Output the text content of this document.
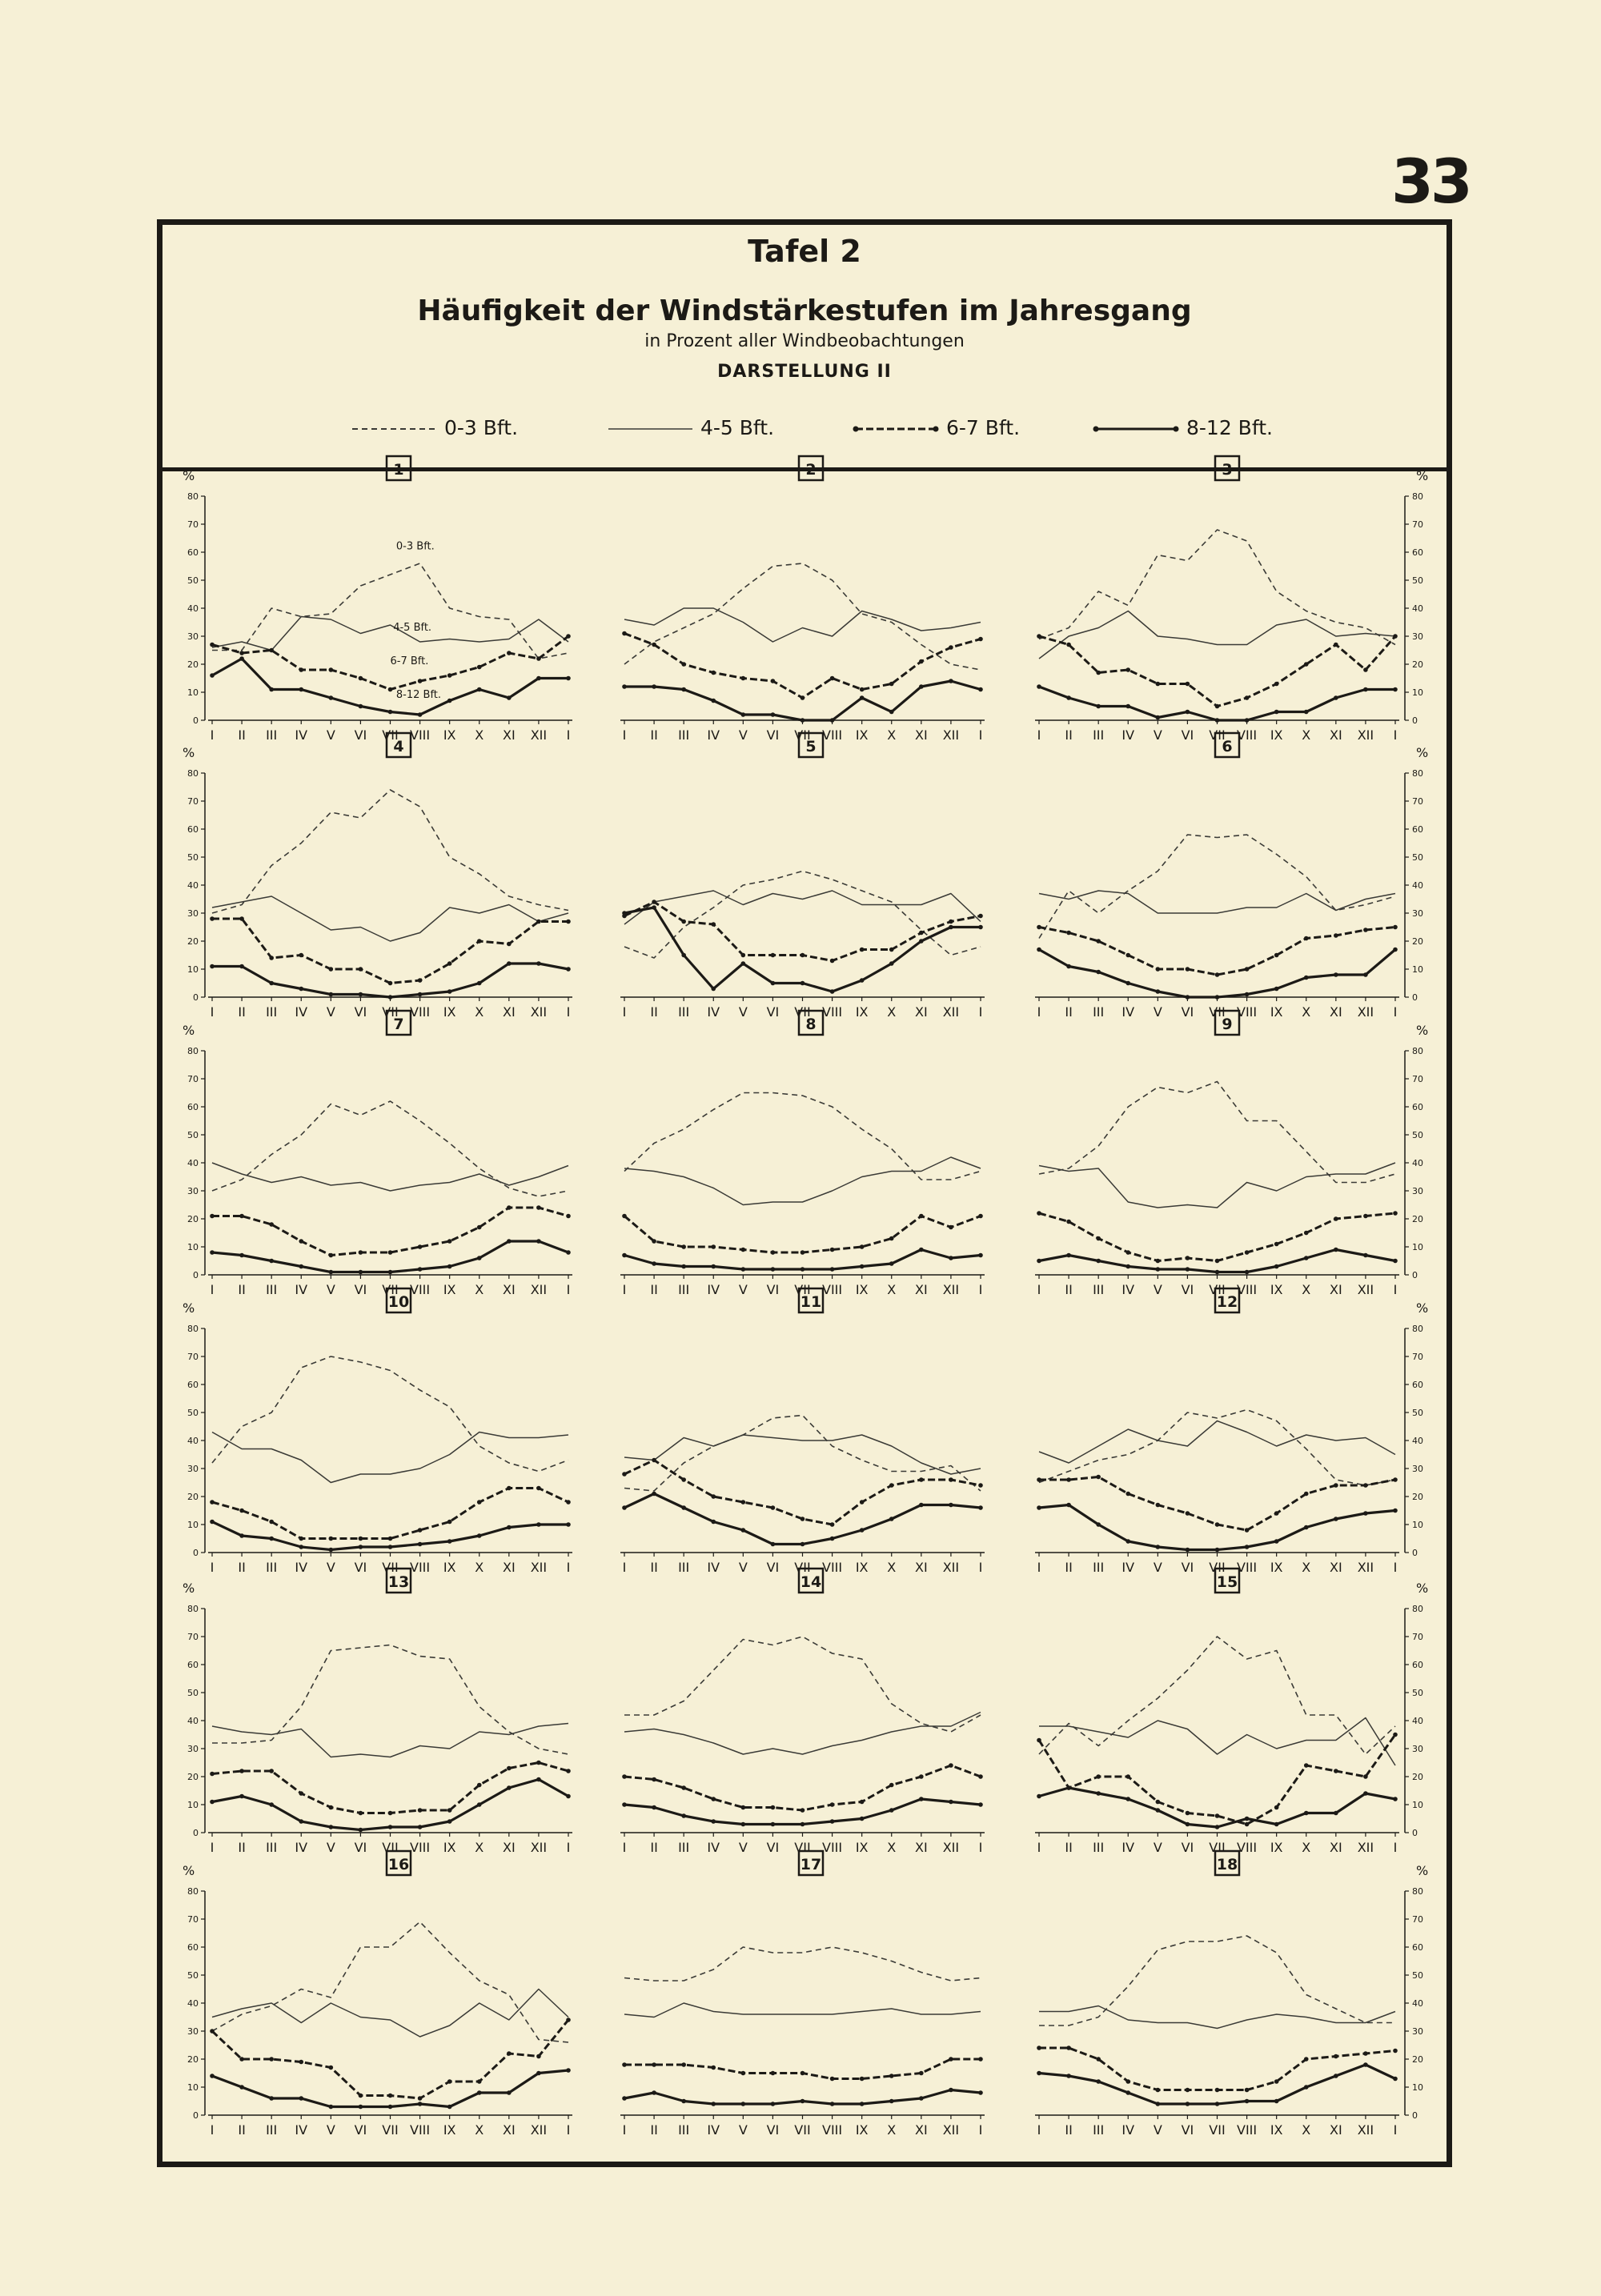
33
Tafel 2
Häufigkeit der Windstärkestufen im Jahresgang
in Prozent aller Windbeobachtungen
DARSTELLUNG II
0-3 Bft.	4-5 Bft.	6-7 Bft.	8-12 Bft.
1
%
0
10
20
30
40
50
60
70
80
I II III IV V VI VII VIII IX X XI XII I
0-3 Bft.
4-5 Bft.
6-7 Bft.
8-12 Bft.
2
I II III IV V VI VII VIII IX X XI XII I
3	%
0
10
20
30
40
50
60
70
80
I II III IV V VI VII VIII IX X XI XII I
4
%
0
10
20
30
40
50
60
70
80
I II III IV V VI VII VIII IX X XI XII I
5
I II III IV V VI VII VIII IX X XI XII I
6	%
0
10
20
30
40
50
60
70
80
I II III IV V VI VII VIII IX X XI XII I
7
%
0
10
20
30
40
50
60
70
80
I II III IV V VI VII VIII IX X XI XII I
8
I II III IV V VI VII VIII IX X XI XII I
9	%
0
10
20
30
40
50
60
70
80
I II III IV V VI VII VIII IX X XI XII I
10
%
0
10
20
30
40
50
60
70
80
I II III IV V VI VII VIII IX X XI XII I
11
I II III IV V VI VII VIII IX X XI XII I
12	%
0
10
20
30
40
50
60
70
80
I II III IV V VI VII VIII IX X XI XII I
13
%
0
10
20
30
40
50
60
70
80
I II III IV V VI VII VIII IX X XI XII I
14
I II III IV V VI VII VIII IX X XI XII I
15	%
0
10
20
30
40
50
60
70
80
I II III IV V VI VII VIII IX X XI XII I
16
%
0
10
20
30
40
50
60
70
80
I II III IV V VI VII VIII IX X XI XII I
17
I II III IV V VI VII VIII IX X XI XII I
18	%
0
10
20
30
40
50
60
70
80
I II III IV V VI VII VIII IX X XI XII I
